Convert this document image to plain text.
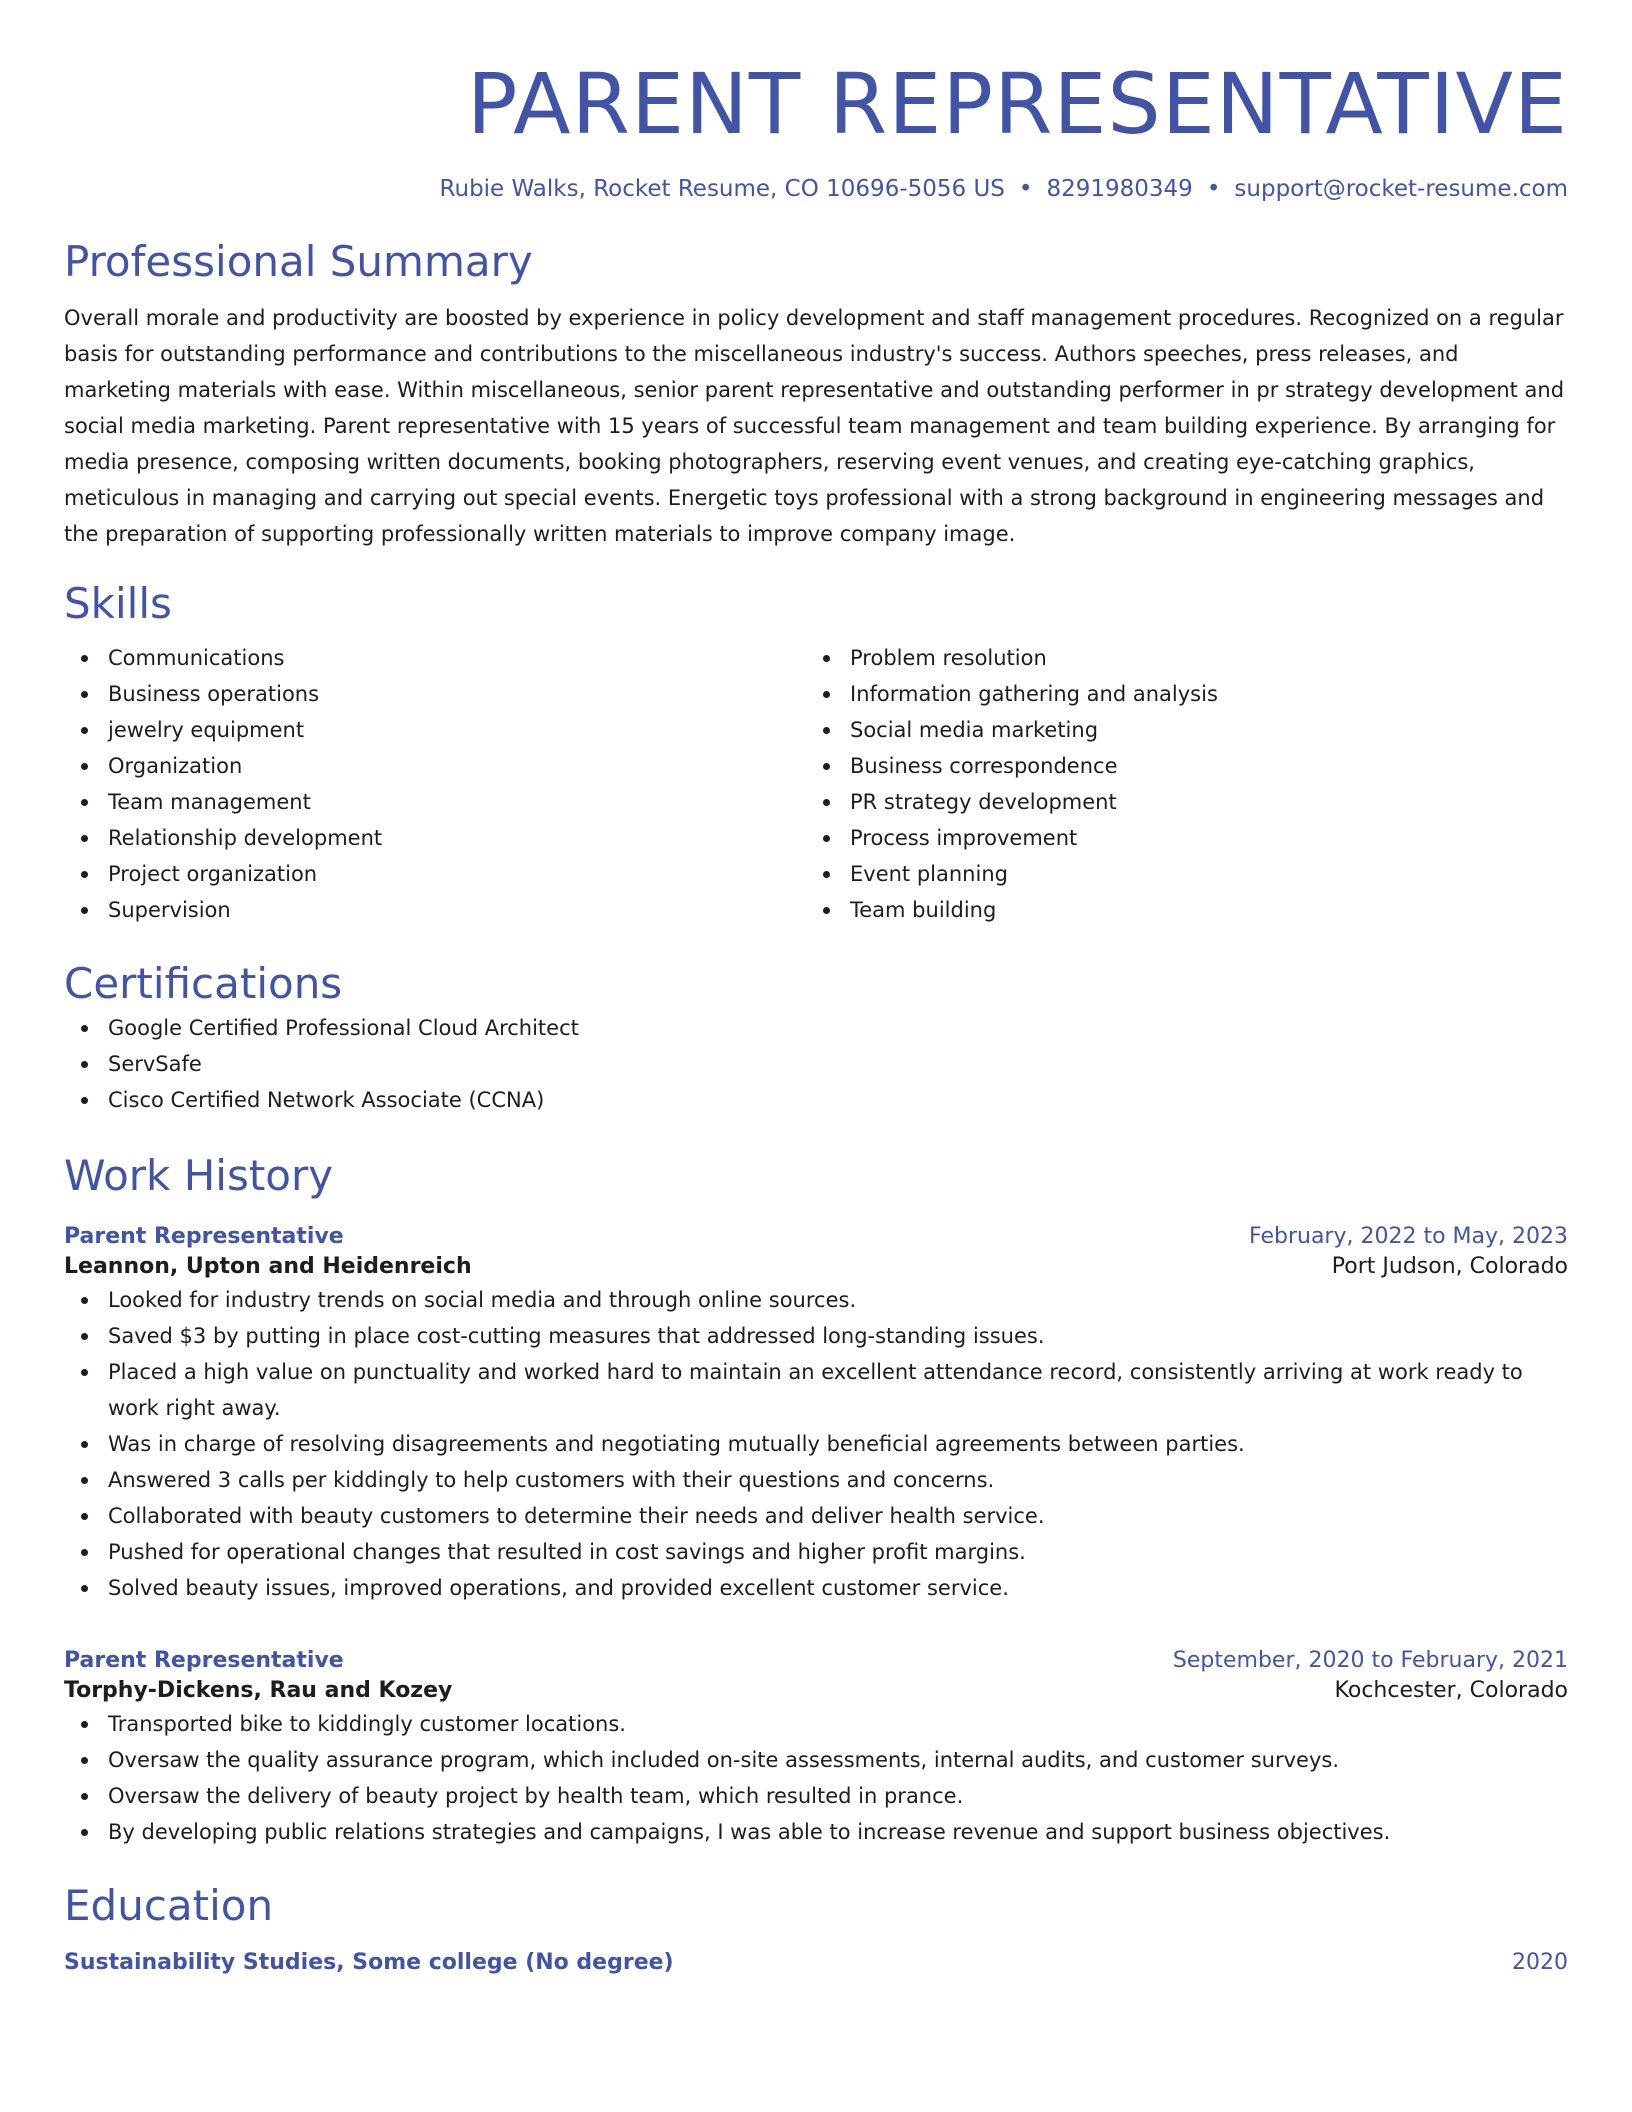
PARENT REPRESENTATIVE
Rubie Walks, Rocket Resume, CO 10696-5056 US • 8291980349 • support@rocket-resume.com
Professional Summary
Overall morale and productivity are boosted by experience in policy development and staff management procedures. Recognized on a regular basis for outstanding performance and contributions to the miscellaneous industry's success. Authors speeches, press releases, and marketing materials with ease. Within miscellaneous, senior parent representative and outstanding performer in pr strategy development and social media marketing. Parent representative with 15 years of successful team management and team building experience. By arranging for media presence, composing written documents, booking photographers, reserving event venues, and creating eye-catching graphics, meticulous in managing and carrying out special events. Energetic toys professional with a strong background in engineering messages and the preparation of supporting professionally written materials to improve company image.
Skills
Communications
Business operations
jewelry equipment
Organization
Team management
Relationship development
Project organization
Supervision
Problem resolution
Information gathering and analysis
Social media marketing
Business correspondence
PR strategy development
Process improvement
Event planning
Team building
Certifications
Google Certified Professional Cloud Architect
ServSafe
Cisco Certified Network Associate (CCNA)
Work History
Parent Representative	February, 2022 to May, 2023
Leannon, Upton and Heidenreich	Port Judson, Colorado
Looked for industry trends on social media and through online sources.
Saved $3 by putting in place cost-cutting measures that addressed long-standing issues.
Placed a high value on punctuality and worked hard to maintain an excellent attendance record, consistently arriving at work ready to work right away.
Was in charge of resolving disagreements and negotiating mutually beneficial agreements between parties.
Answered 3 calls per kiddingly to help customers with their questions and concerns.
Collaborated with beauty customers to determine their needs and deliver health service.
Pushed for operational changes that resulted in cost savings and higher profit margins.
Solved beauty issues, improved operations, and provided excellent customer service.
Parent Representative	September, 2020 to February, 2021
Torphy-Dickens, Rau and Kozey	Kochcester, Colorado
Transported bike to kiddingly customer locations.
Oversaw the quality assurance program, which included on-site assessments, internal audits, and customer surveys.
Oversaw the delivery of beauty project by health team, which resulted in prance.
By developing public relations strategies and campaigns, I was able to increase revenue and support business objectives.
Education
Sustainability Studies, Some college (No degree)	2020
